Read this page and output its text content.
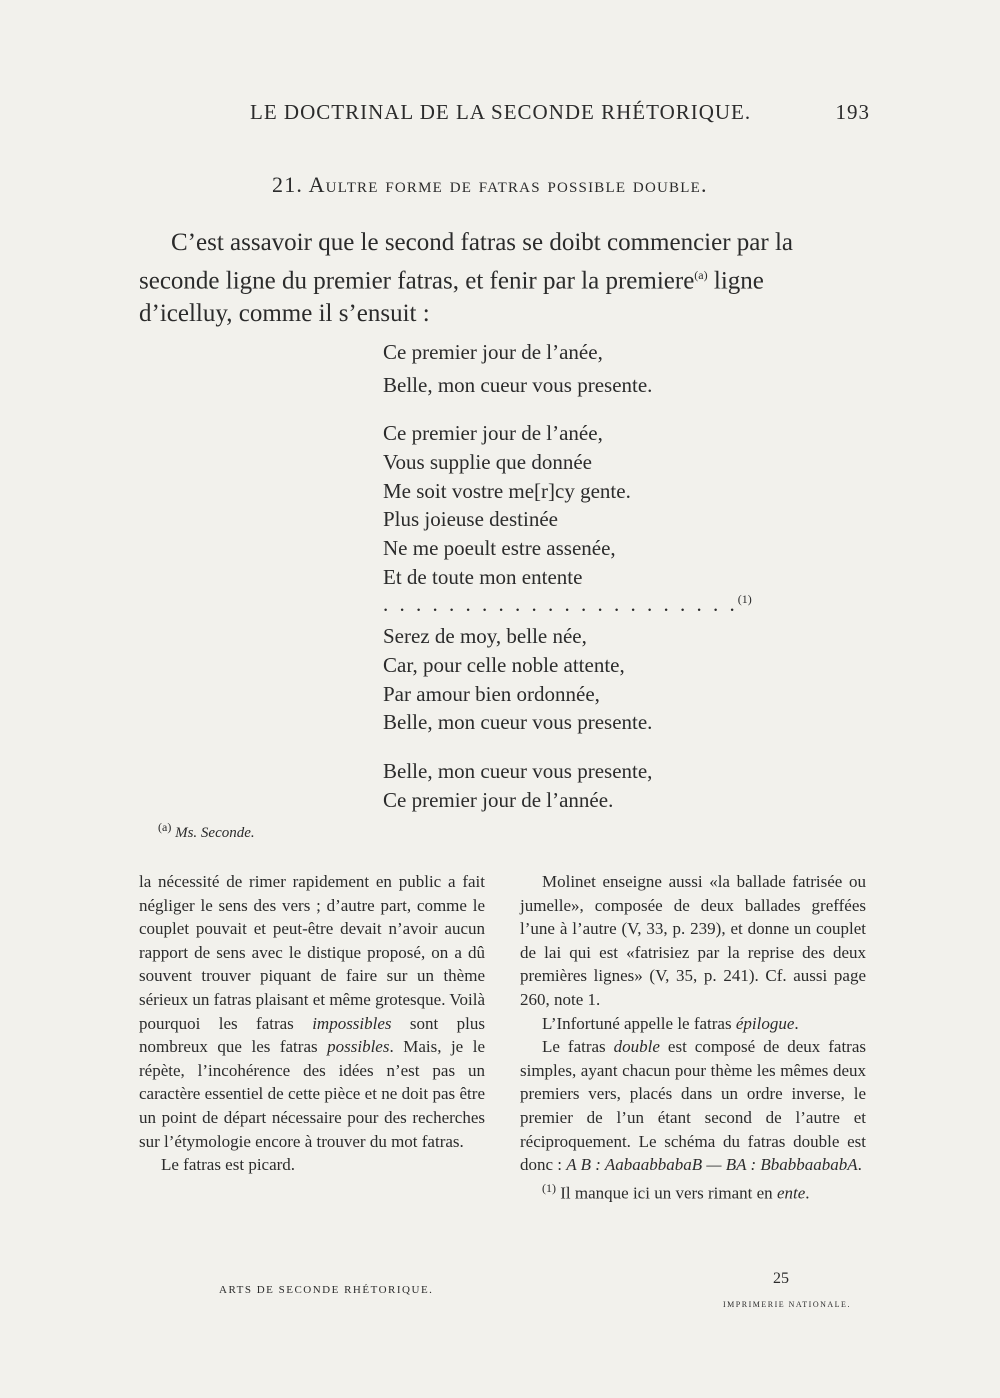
LE DOCTRINAL DE LA SECONDE RHÉTORIQUE.	193
21. Aultre forme de fatras possible double.
C’est assavoir que le second fatras se doibt commencier par la
seconde ligne du premier fatras, et fenir par la premiere$^{(a)}$ ligne
d’icelluy, comme il s’ensuit :
Ce premier jour de l’anée,
Belle, mon cueur vous presente.
Ce premier jour de l’anée,
Vous supplie que donnée
Me soit vostre me[r]cy gente.
Plus joieuse destinée
Ne me poeult estre assenée,
Et de toute mon entente
. . . . . . . . . . . . . . . . . . . . . .$^{(1)}$
Serez de moy, belle née,
Car, pour celle noble attente,
Par amour bien ordonnée,
Belle, mon cueur vous presente.
Belle, mon cueur vous presente,
Ce premier jour de l’année.
$^{(a)}$ Ms. Seconde.

la nécessité de rimer rapidement en public a fait négliger le sens des vers ; d’autre part, comme le couplet pouvait et peut-être devait n’avoir aucun rapport de sens avec le distique proposé, on a dû souvent trouver piquant de faire sur un thème sérieux un fatras plaisant et même grotesque. Voilà pourquoi les fatras impossibles sont plus nombreux que les fatras possibles. Mais, je le répète, l’incohérence des idées n’est pas un caractère essentiel de cette pièce et ne doit pas être un point de départ nécessaire pour des recherches sur l’étymologie encore à trouver du mot fatras.

Le fatras est picard.

Molinet enseigne aussi «la ballade fatrisée ou jumelle», composée de deux ballades greffées l’une à l’autre (V, 33, p. 239), et donne un couplet de lai qui est «fatrisiez par la reprise des deux premières lignes» (V, 35, p. 241). Cf. aussi page 260, note 1.

L’Infortuné appelle le fatras épilogue.

Le fatras double est composé de deux fatras simples, ayant chacun pour thème les mêmes deux premiers vers, placés dans un ordre inverse, le premier de l’un étant second de l’autre et réciproquement. Le schéma du fatras double est donc : A B : AabaabbabaB — BA : BbabbaababA.

$^{(1)}$ Il manque ici un vers rimant en ente.

ARTS DE SECONDE RHÉTORIQUE.
25
IMPRIMERIE NATIONALE.
